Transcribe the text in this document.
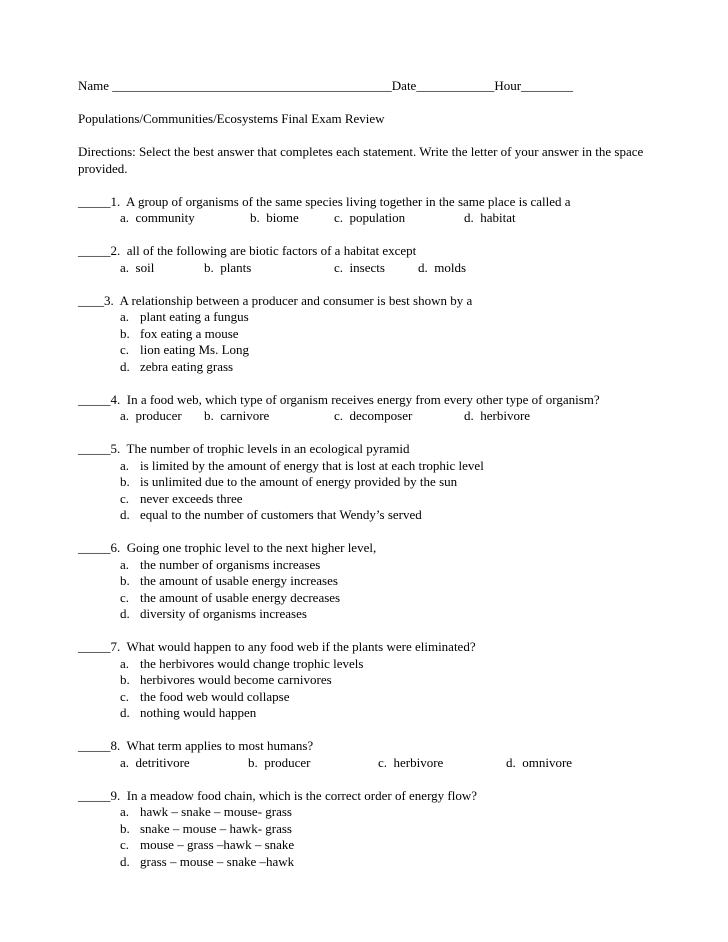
Name ___________________________________________Date____________Hour________
Populations/Communities/Ecosystems Final Exam Review
Directions: Select the best answer that completes each statement. Write the letter of your answer in the space provided.
_____1.  A group of organisms of the same species living together in the same place is called a
a.  community	b.  biome	c.  population	d.  habitat
_____2.  all of the following are biotic factors of a habitat except
a.  soil	b.  plants	c.  insects	d.  molds
____3.  A relationship between a producer and consumer is best shown by a
a. plant eating a fungus
b. fox eating a mouse
c. lion eating Ms. Long
d. zebra eating grass
_____4.  In a food web, which type of organism receives energy from every other type of organism?
a.  producer	b.  carnivore	c.  decomposer	d.  herbivore
_____5.  The number of trophic levels in an ecological pyramid
a. is limited by the amount of energy that is lost at each trophic level
b. is unlimited due to the amount of energy provided by the sun
c. never exceeds three
d. equal to the number of customers that Wendy’s served
_____6.  Going one trophic level to the next higher level,
a. the number of organisms increases
b. the amount of usable energy increases
c. the amount of usable energy decreases
d. diversity of organisms increases
_____7.  What would happen to any food web if the plants were eliminated?
a. the herbivores would change trophic levels
b. herbivores would become carnivores
c. the food web would collapse
d. nothing would happen
_____8.  What term applies to most humans?
a.  detritivore	b.  producer	c.  herbivore	d.  omnivore
_____9.  In a meadow food chain, which is the correct order of energy flow?
a. hawk – snake – mouse- grass
b. snake – mouse – hawk- grass
c. mouse – grass –hawk – snake
d. grass – mouse – snake –hawk
